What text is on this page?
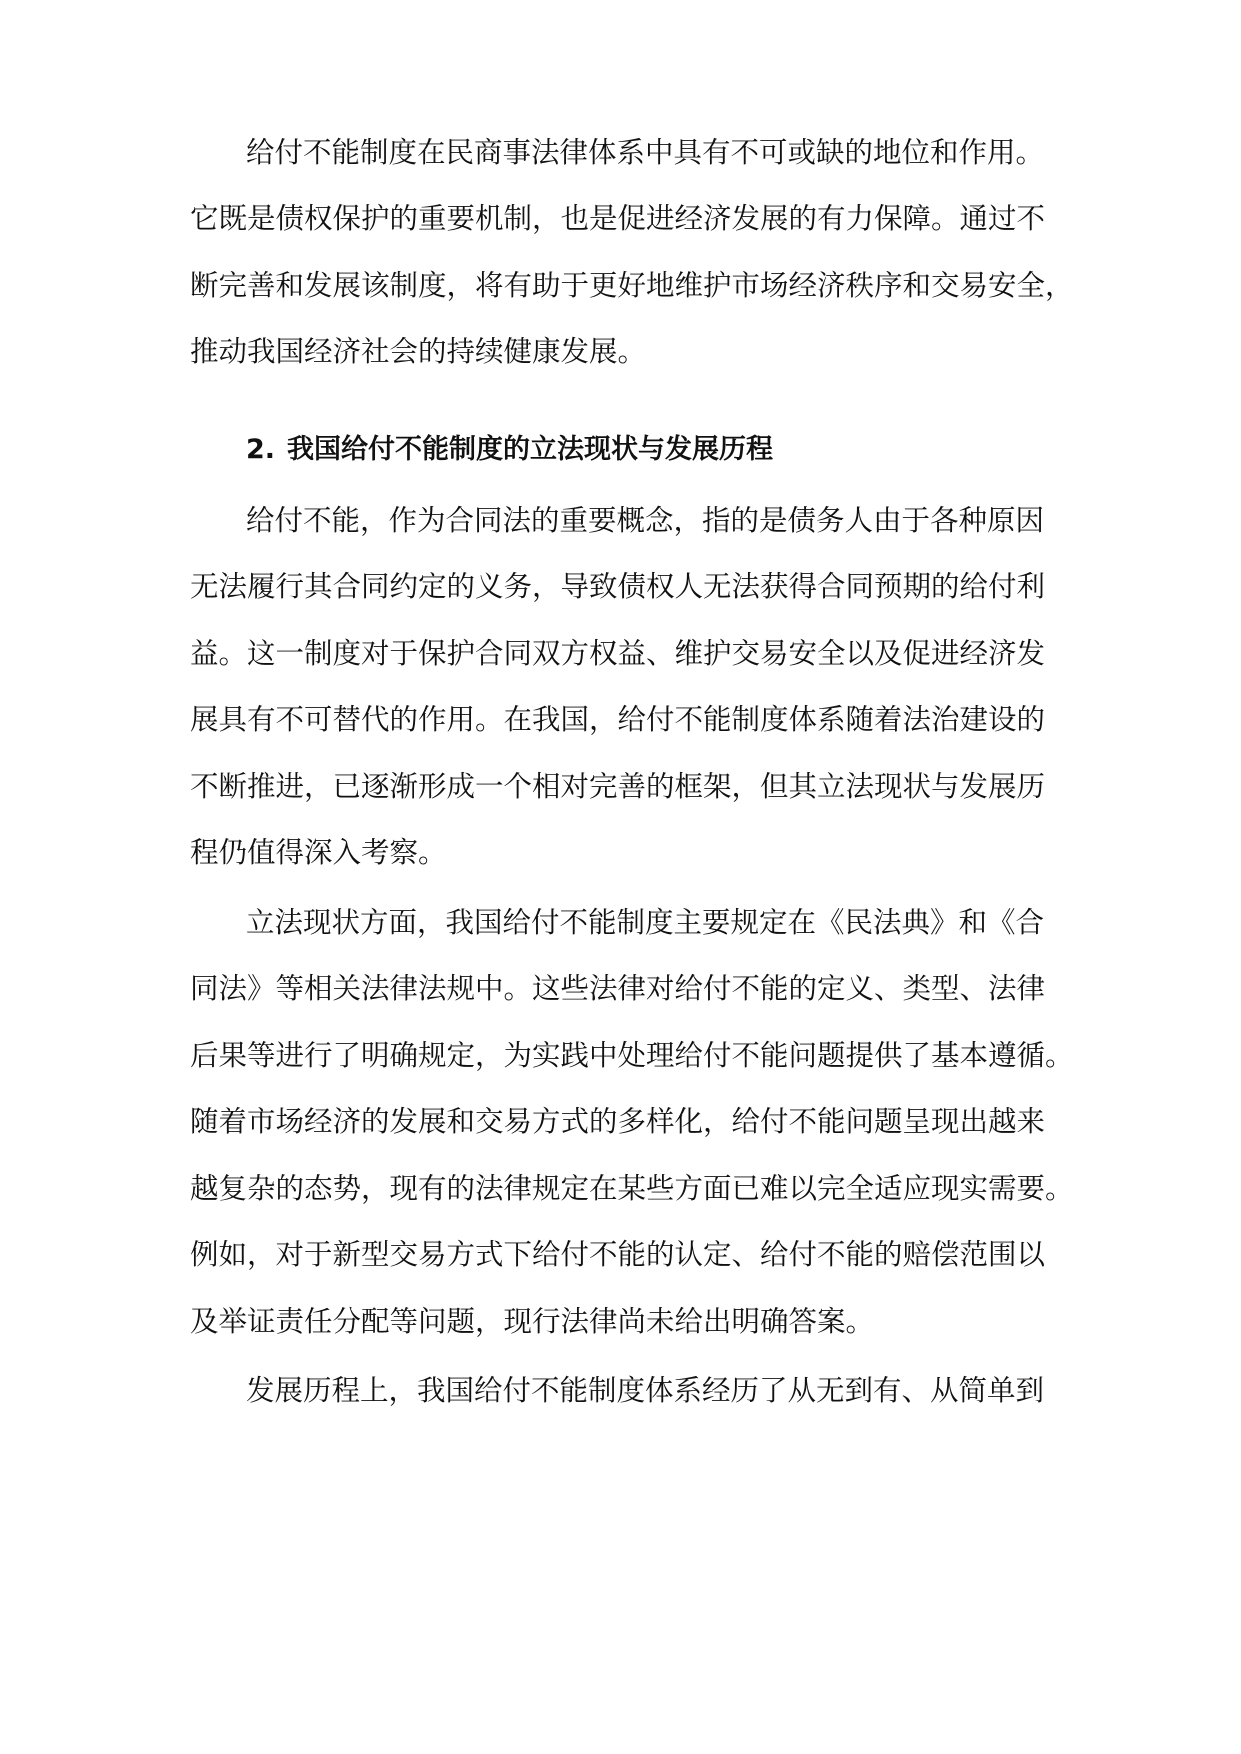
给付不能制度在民商事法律体系中具有不可或缺的地位和作用。
它既是债权保护的重要机制，也是促进经济发展的有力保障。通过不
断完善和发展该制度，将有助于更好地维护市场经济秩序和交易安全，
推动我国经济社会的持续健康发展。
2. 我国给付不能制度的立法现状与发展历程
给付不能，作为合同法的重要概念，指的是债务人由于各种原因
无法履行其合同约定的义务，导致债权人无法获得合同预期的给付利
益。这一制度对于保护合同双方权益、维护交易安全以及促进经济发
展具有不可替代的作用。在我国，给付不能制度体系随着法治建设的
不断推进，已逐渐形成一个相对完善的框架，但其立法现状与发展历
程仍值得深入考察。
立法现状方面，我国给付不能制度主要规定在《民法典》和《合
同法》等相关法律法规中。这些法律对给付不能的定义、类型、法律
后果等进行了明确规定，为实践中处理给付不能问题提供了基本遵循。
随着市场经济的发展和交易方式的多样化，给付不能问题呈现出越来
越复杂的态势，现有的法律规定在某些方面已难以完全适应现实需要。
例如，对于新型交易方式下给付不能的认定、给付不能的赔偿范围以
及举证责任分配等问题，现行法律尚未给出明确答案。
发展历程上，我国给付不能制度体系经历了从无到有、从简单到
